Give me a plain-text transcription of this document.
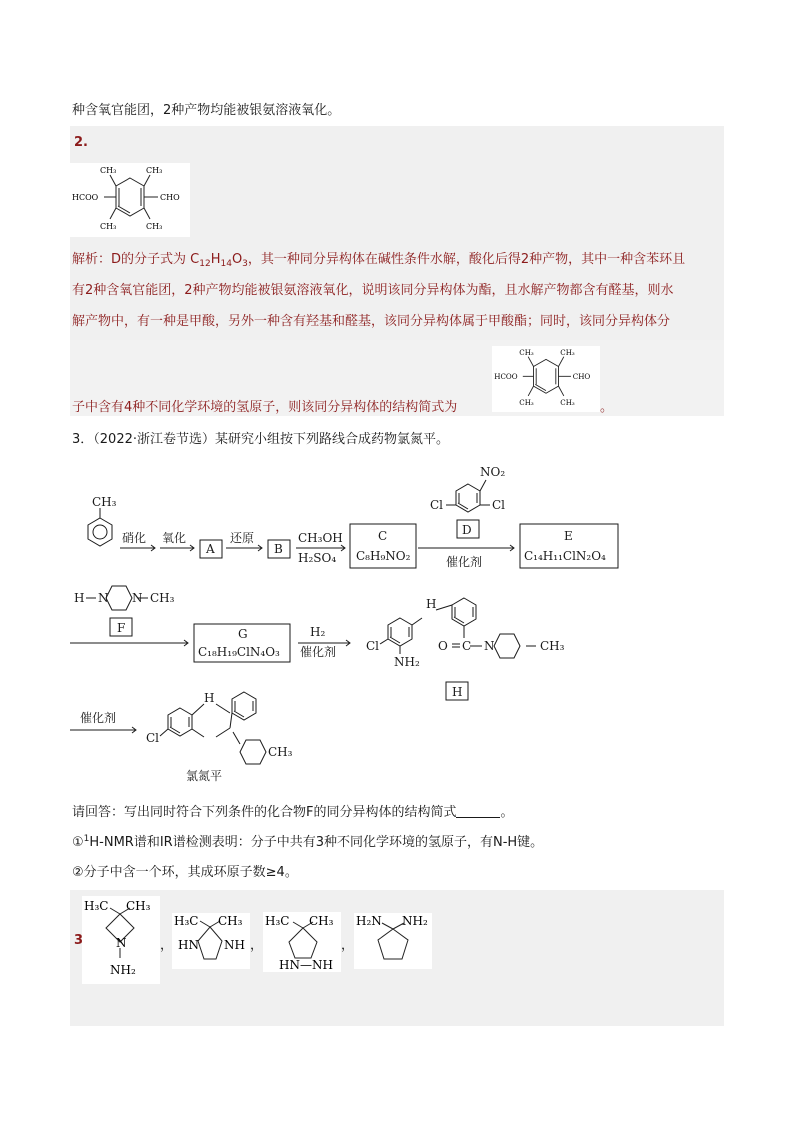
种含氧官能团，2种产物均能被银氨溶液氧化。
2.
CH₃	CH₃
CH₃	CH₃
HCOO	CHO
解析：D的分子式为 $C_{12}H_{14}O_3$，其一种同分异构体在碱性条件水解，酸化后得2种产物，其中一种含苯环且
有2种含氧官能团，2种产物均能被银氨溶液氧化，说明该同分异构体为酯，且水解产物都含有醛基，则水
解产物中，有一种是甲酸，另外一种含有羟基和醛基，该同分异构体属于甲酸酯；同时，该同分异构体分
子中含有4种不同化学环境的氢原子，则该同分异构体的结构简式为
CH₃	CH₃
CH₃	CH₃
HCOO	CHO
。
3．（2022·浙江卷节选）某研究小组按下列路线合成药物氯氮平。
CH₃
硝化 氧化
A
还原
B
CH₃OH
H₂SO₄
C
C₈H₉NO₂
D
NO₂
Cl	Cl
催化剂
E
C₁₄H₁₁ClN₂O₄
H N N CH₃
F	G
C₁₈H₁₉ClN₄O₃
H₂
催化剂
H
O C N	CH₃
Cl
NH₂
H
催化剂
H
Cl
CH₃
氯氮平
请回答：写出同时符合下列条件的化合物F的同分异构体的结构简式	。
①$^1$H-NMR谱和IR谱检测表明：分子中共有3种不同化学环境的氢原子，有N-H键。
②分子中含一个环，其成环原子数≥4。
3.
H₃C CH₃
N
NH₂
，
H₃C CH₃
HN NH ，
H₃C CH₃
HN—NH
，
H₂N NH₂
